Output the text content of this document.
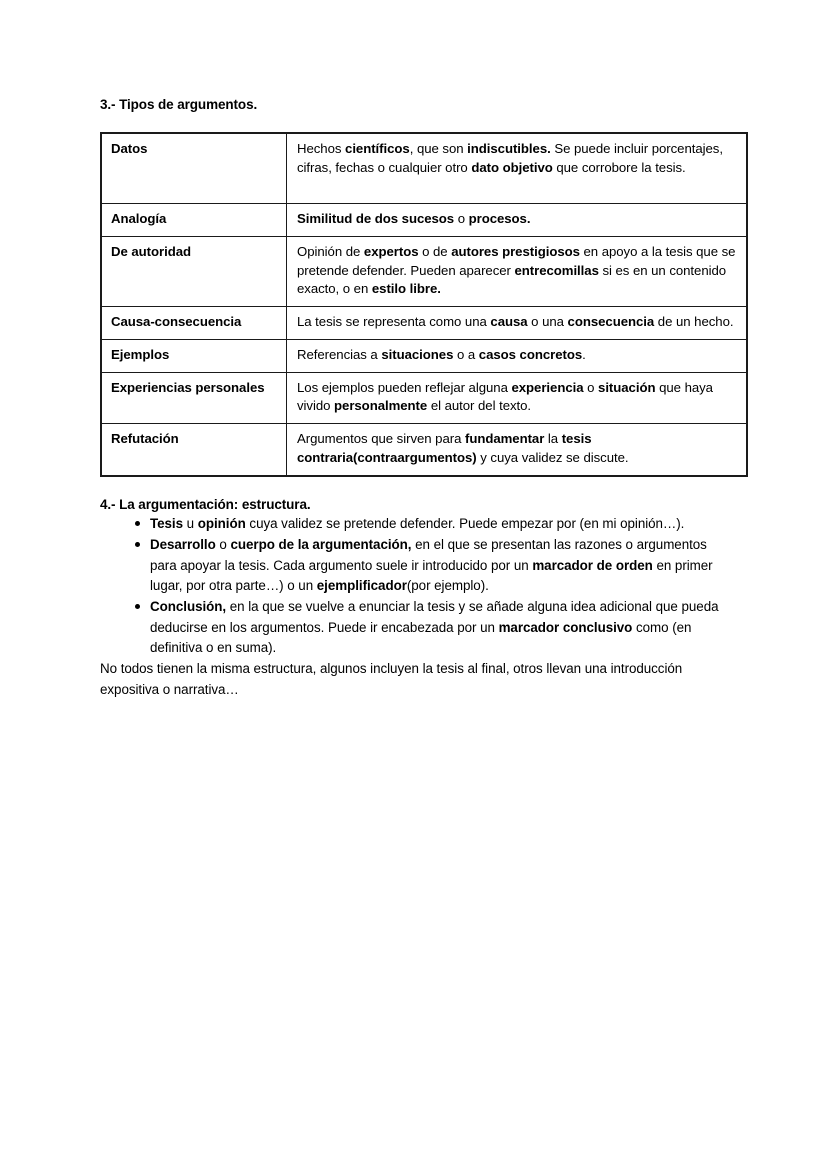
3.- Tipos de argumentos.
Datos	Hechos científicos, que son indiscutibles. Se puede incluir porcentajes, cifras, fechas o cualquier otro dato objetivo que corrobore la tesis.
Analogía	Similitud de dos sucesos o procesos.
De autoridad	Opinión de expertos o de autores prestigiosos en apoyo a la tesis que se pretende defender. Pueden aparecer entrecomillas si es en un contenido exacto, o en estilo libre.
Causa-consecuencia	La tesis se representa como una causa o una consecuencia de un hecho.
Ejemplos	Referencias a situaciones o a casos concretos.
Experiencias personales	Los ejemplos pueden reflejar alguna experiencia o situación que haya vivido personalmente el autor del texto.
Refutación	Argumentos que sirven para fundamentar la tesis contraria(contraargumentos) y cuya validez se discute.
4.- La argumentación: estructura.
Tesis u opinión cuya validez se pretende defender. Puede empezar por (en mi opinión…).
Desarrollo o cuerpo de la argumentación, en el que se presentan las razones o argumentos para apoyar la tesis. Cada argumento suele ir introducido por un marcador de orden en primer lugar, por otra parte…) o un ejemplificador(por ejemplo).
Conclusión, en la que se vuelve a enunciar la tesis y se añade alguna idea adicional que pueda deducirse en los argumentos. Puede ir encabezada por un marcador conclusivo como (en definitiva o en suma).

No todos tienen la misma estructura, algunos incluyen la tesis al final, otros llevan una introducción expositiva o narrativa…
